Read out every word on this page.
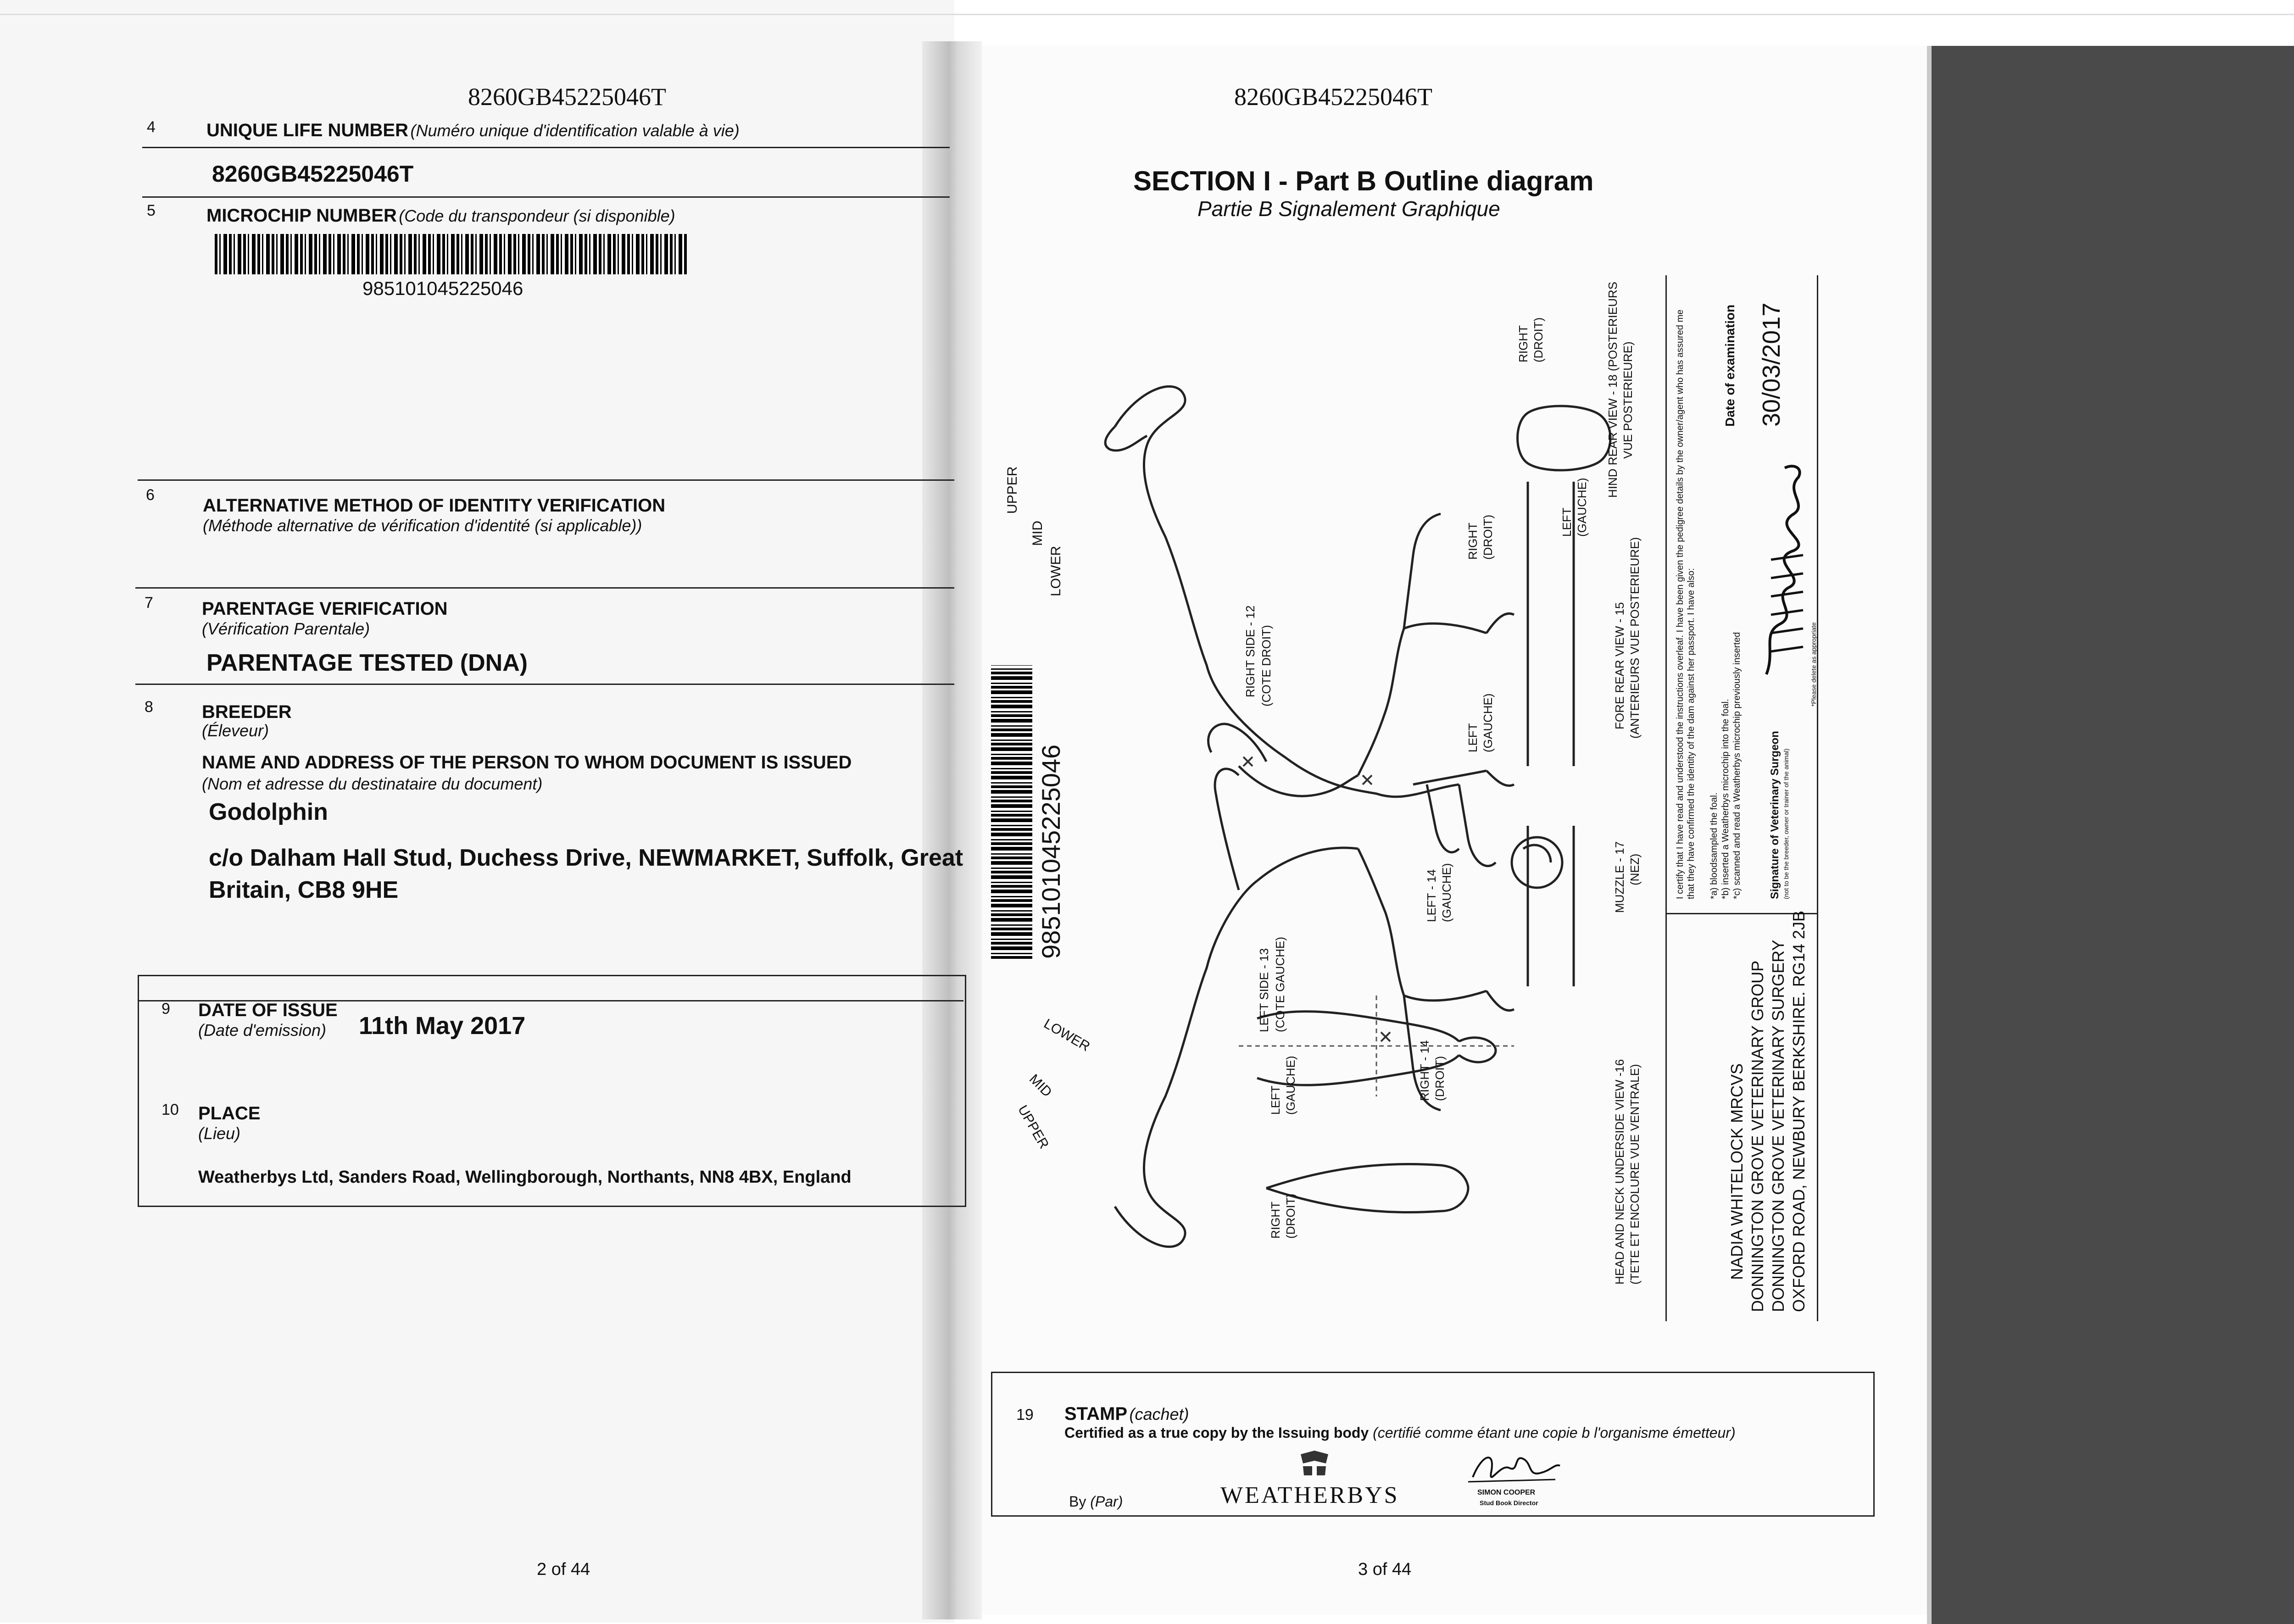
8260GB45225046T
4	UNIQUE LIFE NUMBER (Numéro unique d'identification valable à vie)
8260GB45225046T
5	MICROCHIP NUMBER (Code du transpondeur (si disponible)
985101045225046
6
ALTERNATIVE METHOD OF IDENTITY VERIFICATION
(Méthode alternative de vérification d'identité (si applicable))
7	PARENTAGE VERIFICATION
(Vérification Parentale)
PARENTAGE TESTED (DNA)
8	BREEDER
(Éleveur)
NAME AND ADDRESS OF THE PERSON TO WHOM DOCUMENT IS ISSUED
(Nom et adresse du destinataire du document)
Godolphin
c/o Dalham Hall Stud, Duchess Drive, NEWMARKET, Suffolk, Great
Britain, CB8 9HE
9 DATE OF ISSUE
(Date d'emission) 11th May 2017
10 PLACE
(Lieu)
Weatherbys Ltd, Sanders Road, Wellingborough, Northants, NN8 4BX, England
2 of 44
8260GB45225046T
SECTION I - Part B Outline diagram
Partie B Signalement Graphique
985101045225046
UPPER
MID
LOWER
LOWER
MID
UPPER
RIGHT SIDE - 12 (COTE DROIT)
LEFT SIDE - 13 (COTE GAUCHE)
LEFT - 14 (GAUCHE)
RIGHT - 14 (DROIT)
RIGHT (DROIT)
LEFT (GAUCHE)
RIGHT (DROIT)
LEFT (GAUCHE)
RIGHT (DROIT)
LEFT (GAUCHE)
MUZZLE - 17 (NEZ)
FORE REAR VIEW - 15 (ANTERIEURS VUE POSTERIEURE)
HIND REAR VIEW - 18 (POSTERIEURS VUE POSTERIEURE)
HEAD AND NECK UNDERSIDE VIEW -16 (TETE ET ENCOLURE VUE VENTRALE)
I certify that I have read and understood the instructions overleaf. I have been given the pedigree details by the owner/agent who has assured me that they have confirmed the identity of the dam against her passport. I have also: *a) bloodsampled the foal. *b) inserted a Weatherbys microchip into the foal. *c) scanned and read a Weatherbys microchip previously inserted Signature of Veterinary Surgeon (not to be the breeder, owner or trainer of the animal)
*Please delete as appropriate
Date of examination 30/03/2017
NADIA WHITELOCK MRCVS DONNINGTON GROVE VETERINARY GROUP DONNINGTON GROVE VETERINARY SURGERY OXFORD ROAD, NEWBURY BERKSHIRE. RG14 2JB
19 STAMP (cachet)
Certified as a true copy by the Issuing body (certifié comme étant une copie b l'organisme émetteur)
By (Par)	WEATHERBYS	SIMON COOPER
Stud Book Director
3 of 44
